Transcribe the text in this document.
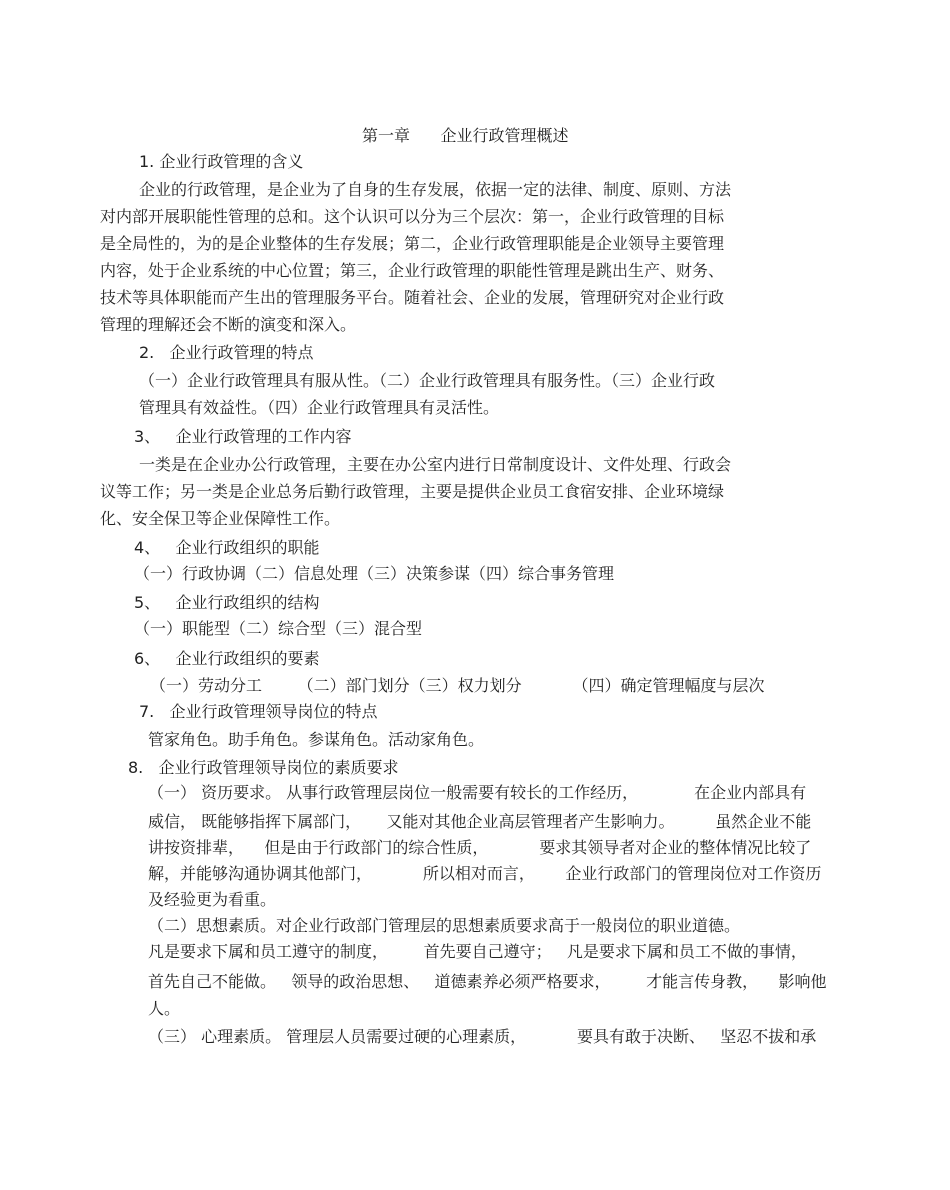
第一章      企业行政管理概述
1. 企业行政管理的含义
企业的行政管理，是企业为了自身的生存发展，依据一定的法律、制度、原则、方法
对内部开展职能性管理的总和。这个认识可以分为三个层次：第一，企业行政管理的目标
是全局性的，为的是企业整体的生存发展；第二，企业行政管理职能是企业领导主要管理
内容，处于企业系统的中心位置；第三，企业行政管理的职能性管理是跳出生产、财务、
技术等具体职能而产生出的管理服务平台。随着社会、企业的发展，管理研究对企业行政
管理的理解还会不断的演变和深入。
2.   企业行政管理的特点
（一）企业行政管理具有服从性。（二）企业行政管理具有服务性。（三）企业行政
管理具有效益性。（四）企业行政管理具有灵活性。
3、   企业行政管理的工作内容
一类是在企业办公行政管理，主要在办公室内进行日常制度设计、文件处理、行政会
议等工作；另一类是企业总务后勤行政管理，主要是提供企业员工食宿安排、企业环境绿
化、安全保卫等企业保障性工作。
4、   企业行政组织的职能
（一）行政协调（二）信息处理（三）决策参谋（四）综合事务管理
5、   企业行政组织的结构
（一）职能型（二）综合型（三）混合型
6、   企业行政组织的要素
（一）劳动分工       （二）部门划分（三）权力划分          （四）确定管理幅度与层次
7.   企业行政管理领导岗位的特点
管家角色。助手角色。参谋角色。活动家角色。
8.   企业行政管理领导岗位的素质要求
（一） 资历要求。 从事行政管理层岗位一般需要有较长的工作经历，           在企业内部具有
威信， 既能够指挥下属部门，     又能对其他企业高层管理者产生影响力。        虽然企业不能
讲按资排辈，    但是由于行政部门的综合性质，          要求其领导者对企业的整体情况比较了
解，并能够沟通协调其他部门，          所以相对而言，      企业行政部门的管理岗位对工作资历
及经验更为看重。
（二）思想素质。对企业行政部门管理层的思想素质要求高于一般岗位的职业道德。
凡是要求下属和员工遵守的制度，       首先要自己遵守；   凡是要求下属和员工不做的事情，
首先自己不能做。   领导的政治思想、   道德素养必须严格要求，       才能言传身教，    影响他
人。
（三） 心理素质。 管理层人员需要过硬的心理素质，          要具有敢于决断、   坚忍不拔和承
